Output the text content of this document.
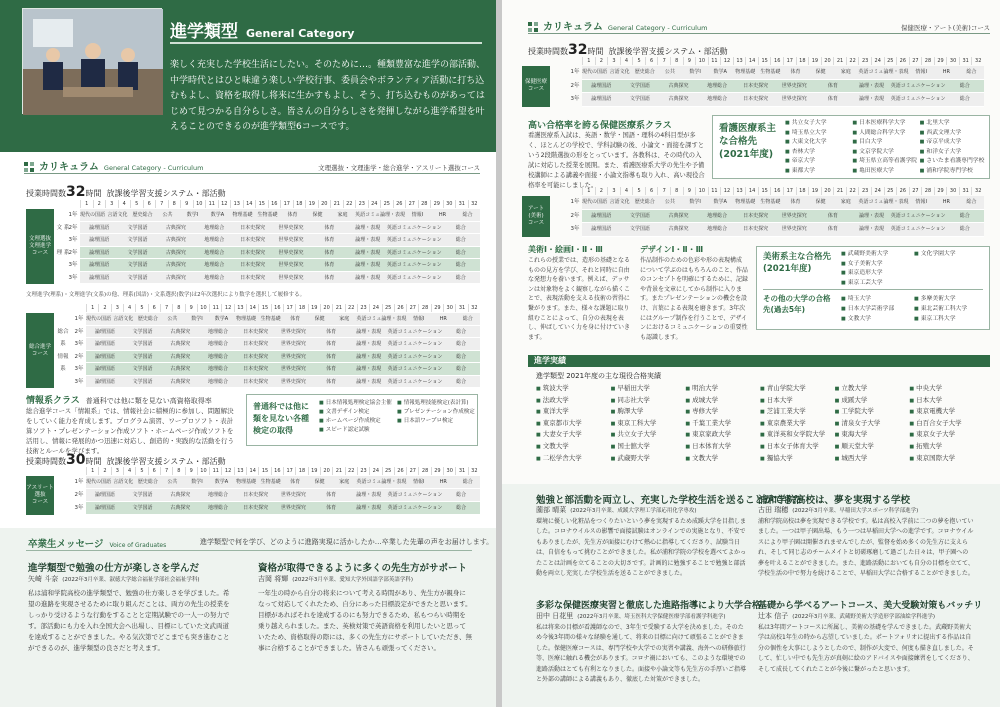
進学類型 General Category
楽しく充実した学校生活にしたい。そのために…。種類豊富な進学の部活動、中学時代とはひと味違う楽しい学校行事、委員会やボランティア活動に打ち込むもよし、資格を取得し将来に生かすもよし、そう、打ち込むものがあってはじめて見つかる自分らしさ。皆さんの自分らしさを発揮しながら進学希望を叶えることのできるのが進学類型6コースです。
カリキュラム General Category - Curriculum	文理選抜・文理進学・総合進学・アスリート選抜コース
授業時間数32時間 放課後学習支援システム・部活動
1	2	3	4	5	6	7	8	9	10	11	12	13	14	15	16	17	18	19	20	21	22	23	24	25	26	27	28	29	30	31	32
文理選抜
文理進学
コース
1年 現代の国語 言語文化 歴史総合	公共	数学Ⅰ	数学A	物理基礎 生物基礎	体育	保健	家庭	英語コミュ 論理・表現	情報Ⅰ	HR	総合
文 系 2年	論理国語	文学国語	古典探究	地理総合	日本史探究	世界史探究	体育	論理・表現	英語コミュニケーション	総合
3年	論理国語	文学国語	古典探究	地理総合	日本史探究	世界史探究	体育	論理・表現	英語コミュニケーション	総合
理 系 2年	論理国語	文学国語	古典探究	地理総合	日本史探究	世界史探究	体育	論理・表現	英語コミュニケーション	総合
3年	論理国語	文学国語	古典探究	地理総合	日本史探究	世界史探究	体育	論理・表現	英語コミュニケーション	総合
3年	論理国語	文学国語	古典探究	地理総合	日本史探究	世界史探究	体育	論理・表現	英語コミュニケーション	総合
文理進学(理系)・文理進学(文系)の他、理系(国語)・文系選択(数学)は2年次選択により数学を選択して履修する。
1	2	3	4	5	6	7	8	9	10	11	12	13	14	15	16	17	18	19	20	21	22	23	24	25	26	27	28	29	30	31	32
総合進学
コース
1年 現代の国語 言語文化 歴史総合	公共	数学Ⅰ	数学A	物理基礎 生物基礎	体育	保健	家庭	英語コミュ 論理・表現	情報Ⅰ	HR	総合
総合系
2年	論理国語	文学国語	古典探究	地理総合	日本史探究	世界史探究	体育	論理・表現	英語コミュニケーション	総合
3年	論理国語	文学国語	古典探究	地理総合	日本史探究	世界史探究	体育	論理・表現	英語コミュニケーション	総合
情報系
2年	論理国語	文学国語	古典探究	地理総合	日本史探究	世界史探究	体育	論理・表現	英語コミュニケーション	総合
3年	論理国語	文学国語	古典探究	地理総合	日本史探究	世界史探究	体育	論理・表現	英語コミュニケーション	総合
3年	論理国語	文学国語	古典探究	地理総合	日本史探究	世界史探究	体育	論理・表現	英語コミュニケーション	総合
情報系クラス 普通科では他に類を見ない高資格取得率
総合進学コース「情報系」では、情報社会に積極的に参加し、問題解決をしていく能力を育成します。プログラム演習、ワープロソフト・表計算ソフト・プレゼンテーション作成ソフト・ホームページ作成ソフトを活用し、情報に発展的かつ迅速に対応し、創造的・実践的な活動を行う技術とルールを学びます。
普通科では他に類を見ない各種検定の取得
■ 日本情報処理検定協会主催	■ 情報処理技能検定(表計算)
■ 文書デザイン検定	■ プレゼンテーション作成検定
■ ホームページ作成検定	■ 日本語ワープロ検定
■ スピード認定試験
授業時間数30時間 放課後学習支援システム・部活動
1	2	3	4	5	6	7	8	9	10	11	12	13	14	15	16	17	18	19	20	21	22	23	24	25	26	27	28	29	30	31	32
アスリート
選抜
コース
1年 現代の国語 言語文化 歴史総合	公共	数学Ⅰ	数学A	物理基礎 生物基礎	体育	保健	家庭	英語コミュ 論理・表現	情報Ⅰ	HR	総合
2年	論理国語	文学国語	古典探究	地理総合	日本史探究	世界史探究	体育	論理・表現	英語コミュニケーション	総合
3年	論理国語	文学国語	古典探究	地理総合	日本史探究	世界史探究	体育	論理・表現	英語コミュニケーション	総合
卒業生メッセージ Voice of Graduates	進学類型で何を学び、どのように進路実現に活かしたか…卒業した先輩の声をお届けします。
進学類型で勉強の仕方が楽しさを学んだ
矢崎 斗奈 (2022年3月卒業、淑徳大学総合福祉学部社会福祉学科)
私は浦和学院高校の進学類型で、勉強の仕方楽しさを学びました。希望の進路を実現させるために取り組んだことは、両方の先生の授業をしっかり受けるような行動をすることと定期試験での一人一の努力です。部活動にも力を入れ全国大会へ出場し、目標にしていた文武両道を達成することができました。やる気次第でどこまでも突き進むことができるのが、進学類型の良さだと考えます。
資格が取得できるように多くの先生方がサポート
吉岡 将輝 (2022年3月卒業、愛知大学外国語学部英語学科)
一年生の時から自分の将来について考える時間があり、先生方が親身になって対応してくれたため、自分にあった目標設定ができたと思います。目標があればそれを達成するのにも努力できるため、私もつらい時期を乗り越えられました。また、英検対策で英語資格を利用したいと思っていたため、資格取得の際には、多くの先生方にサポートしていただき、無事に合格することができました。皆さんも頑張ってください。
カリキュラム General Category - Curriculum	保健医療・アート(美術)コース
授業時間数32時間 放課後学習支援システム・部活動
1	2	3	4	5	6	7	8	9	10	11	12	13	14	15	16	17	18	19	20	21	22	23	24	25	26	27	28	29	30	31	32
保健医療
コース
1年 現代の国語 言語文化	歴史総合	公共	数学Ⅰ	数学A	物理基礎	生物基礎	体育	保健	家庭	英語コミュ 論理・表現	情報Ⅰ	HR	総合
2年	論理国語	文学国語	古典探究	地理総合	日本史探究	世界史探究	体育	論理・表現	英語コミュニケーション	総合
3年	論理国語	文学国語	古典探究	地理総合	日本史探究	世界史探究	体育	論理・表現	英語コミュニケーション	総合
高い合格率を誇る保健医療系クラス
看護医療系入試は、英語・数学・国語・理科の4科目型が多く、ほとんどの学校で、学科試験の後、小論文・面接を課すという2段階選抜の形をとっています。各教科は、その時代の入試に対応した授業を展開。また、看護医療系大学の先生や予備校講師による講義や面接・小論文指導も取り入れ、高い現役合格率を可能にしました。
看護医療系主な合格先(2021年度)
■ 共立女子大学
■ 埼玉県立大学
■ 大東文化大学
■ 杏林大学
■ 帝京大学
■ 東都大学
■ 日本医療科学大学
■ 人間総合科学大学
■ 目白大学
■ 文京学院大学
■ 埼玉県立高等看護学院
■ 亀田医療大学
■ 北里大学
■ 西武文理大学
■ 帝京平成大学
■ 和洋女子大学
■ さいたま看護専門学校
■ 浦和学院専門学校
1	2	3	4	5	6	7	8	9	10	11	12	13	14	15	16	17	18	19	20	21	22	23	24	25	26	27	28	29	30	31	32
アート
(美術)
コース
1年 現代の国語 言語文化	歴史総合	公共	数学Ⅰ	数学A	物理基礎	生物基礎	体育	保健	家庭	英語コミュ 論理・表現	情報Ⅰ	HR	総合
2年	論理国語	文学国語	古典探究	地理総合	日本史探究	世界史探究	体育	論理・表現	英語コミュニケーション	総合
3年	論理国語	文学国語	古典探究	地理総合	日本史探究	世界史探究	体育	論理・表現	英語コミュニケーション	総合
美術Ⅰ・絵画Ⅰ・Ⅱ・Ⅲ
これらの授業では、造形の基礎となるものの見方を学び、それと同時に自由な発想力を養います。例えば、デッサンは対象物をよく観察しながら描くことで、表現活動を支える技術の習得に繋がります。また、様々な課題に取り組むことによって、自分の表現を表し、伸ばしていく力を身に付けていきます。
デザインⅠ・Ⅱ・Ⅲ
作品制作のための色彩や形の表現構成について学ぶのはもちろんのこと、作品のコンセプトを明確にするために、記録や背景を文章にしてから制作に入ります。またプレゼンテーションの機会を設け、言葉による表現を磨きます。3年次にはグループ制作を行うことで、デザインにおけるコミュニケーションの重要性も認識します。
美術系主な合格先(2021年度)
■ 武蔵野美術大学
■ 女子美術大学
■ 東京造形大学
■ 東京工芸大学
■ 文化学園大学
その他の大学の合格先(過去5年)
■ 埼玉大学
■ 日本大学芸術学部
■ 文教大学
■ 多摩美術大学
■ 東北芸術工科大学
■ 東京工科大学
進学実績
進学類型 2021年度の主な現役合格実績
■ 筑波大学	■ 早稲田大学	■ 明治大学	■ 青山学院大学	■ 立教大学	■ 中央大学
■ 法政大学	■ 同志社大学	■ 成城大学	■ 日本大学	■ 成蹊大学	■ 日本大学
■ 東洋大学	■ 駒澤大学	■ 専修大学	■ 芝浦工業大学	■ 工学院大学	■ 東京電機大学
■ 東京都市大学	■ 東京工科大学	■ 千葉工業大学	■ 東京農業大学	■ 清泉女子大学	■ 白百合女子大学
■ 大妻女子大学	■ 共立女子大学	■ 東京家政大学	■ 東洋英和女学院大学	■ 東海大学	■ 東京女子大学
■ 文教大学	■ 国士舘大学	■ 日本体育大学	■ 日本女子体育大学	■ 順天堂大学	■ 拓殖大学
■ 二松学舎大学	■ 武蔵野大学	■ 文教大学	■ 獨協大学	■ 城西大学	■ 東京国際大学
勉強と部活動を両立し、充実した学校生活を送ることができた
薗部 晴菜 (2022年3月卒業、成蹊大学理工学部応用化学専攻)
環境に優しい化粧品をつくりたいという夢を実現するため成蹊大学を目指しました。コロナウイルスの影響で面接試験はオンラインでの実施となり、不安でもありましたが、先生方が面接にむけて熱心に指導してくださり、試験当日は、自信をもって挑むことができました。私が浦和学院の学校を選べてよかったことは計画を立てることの大切さです。計画的に勉強することで勉強と部活動を両立し充実した学校生活を送ることができました。
多彩な保健医療実習と徹底した進路指導により大学合格
田中 日花里 (2022年3月卒業、埼玉医科大学保健医療学部看護学科進学)
私は将来の目標が看護師なので、3年生で受験する大学を決めました。そのため今後3年間の様々な経験を通して、将来の目標に向けて頑張ることができました。保健医療コースは、専門学校や大学での実習や講義、海外への研修旅行等、医療に触れる機会があります。コロナ禍においても、このような環境での進路活動はとても有利となりました。面接や小論文等も先生方の手厚いご指導と外部の講師による講義もあり、徹底した対策ができました。
浦和学院高校は、夢を実現する学校
古田 瑞穂 (2022年3月卒業、早稲田大学スポーツ科学部進学)
浦和学院高校は夢を実現できる学校です。私は高校入学前に二つの夢を抱いていました。一つは甲子園出場、もう一つは早稲田大学への進学です。コロナウイルスにより甲子園は開催されませんでしたが、監督を始め多くの先生方に支えられ、そして同じ志のチームメイトと切磋琢磨して過ごした日々は、甲子園への夢を叶えることができました。また、進路活動においても自分の目標を立てて、学校生活の中で努力を続けることで、早稲田大学に合格することができました。
基礎から学べるアートコース、美大受験対策もバッチリ
辻本 信子 (2022年3月卒業、武蔵野美術大学造形学部油絵学科進学)
私は3年間アートコースに所属し、美術の基礎を学んできました。武蔵野美術大学は高校1年生の時から志望していました。ポートフォリオに提出する作品は自分の個性を大事にしようとしたので、制作が大変で、何度も描き直しました。そして、忙しい中でも先生方が真剣に絵のアドバイスや面接練習をしてくださり、そして成長してくれたことが今後に繋がったと思います。
